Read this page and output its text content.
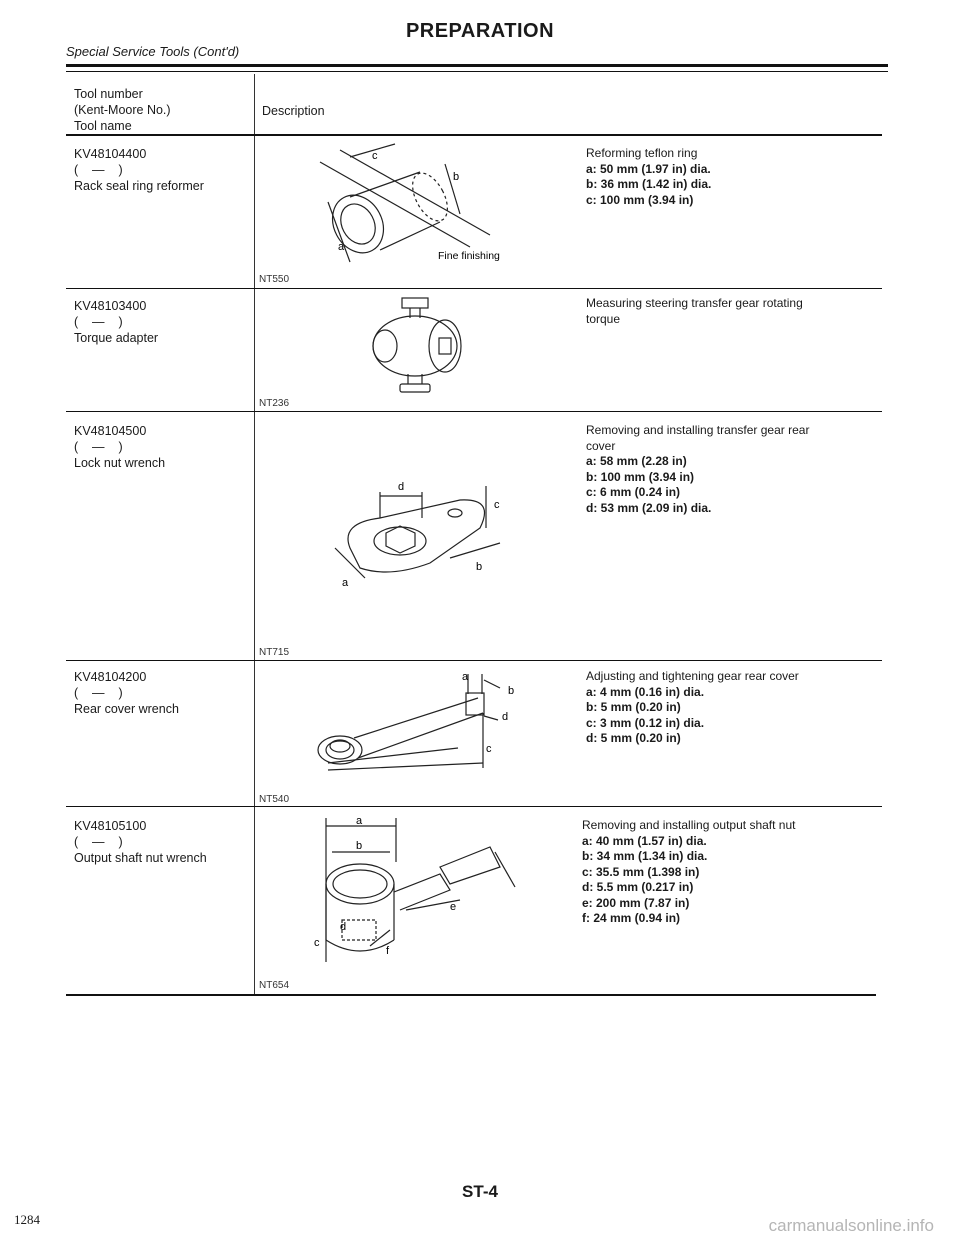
PREPARATION
Special Service Tools (Cont'd)
Tool number
(Kent-Moore No.)
Tool name
Description
KV48104400
(    —    )
Rack seal ring reformer
c
b
a
Fine finishing
NT550
Reforming teflon ring
a: 50 mm (1.97 in) dia.
b: 36 mm (1.42 in) dia.
c: 100 mm (3.94 in)
KV48103400
(    —    )
Torque adapter
NT236
Measuring steering transfer gear rotating
torque
KV48104500
(    —    )
Lock nut wrench
d
c
a
b
NT715
Removing and installing transfer gear rear
cover
a: 58 mm (2.28 in)
b: 100 mm (3.94 in)
c: 6 mm (0.24 in)
d: 53 mm (2.09 in) dia.
KV48104200
(    —    )
Rear cover wrench
a
b
d
c
NT540
Adjusting and tightening gear rear cover
a: 4 mm (0.16 in) dia.
b: 5 mm (0.20 in)
c: 3 mm (0.12 in) dia.
d: 5 mm (0.20 in)
KV48105100
(    —    )
Output shaft nut wrench
a
b
e
c
d
f
NT654
Removing and installing output shaft nut
a: 40 mm (1.57 in) dia.
b: 34 mm (1.34 in) dia.
c: 35.5 mm (1.398 in)
d: 5.5 mm (0.217 in)
e: 200 mm (7.87 in)
f: 24 mm (0.94 in)
ST-4
1284	carmanualsonline.info
